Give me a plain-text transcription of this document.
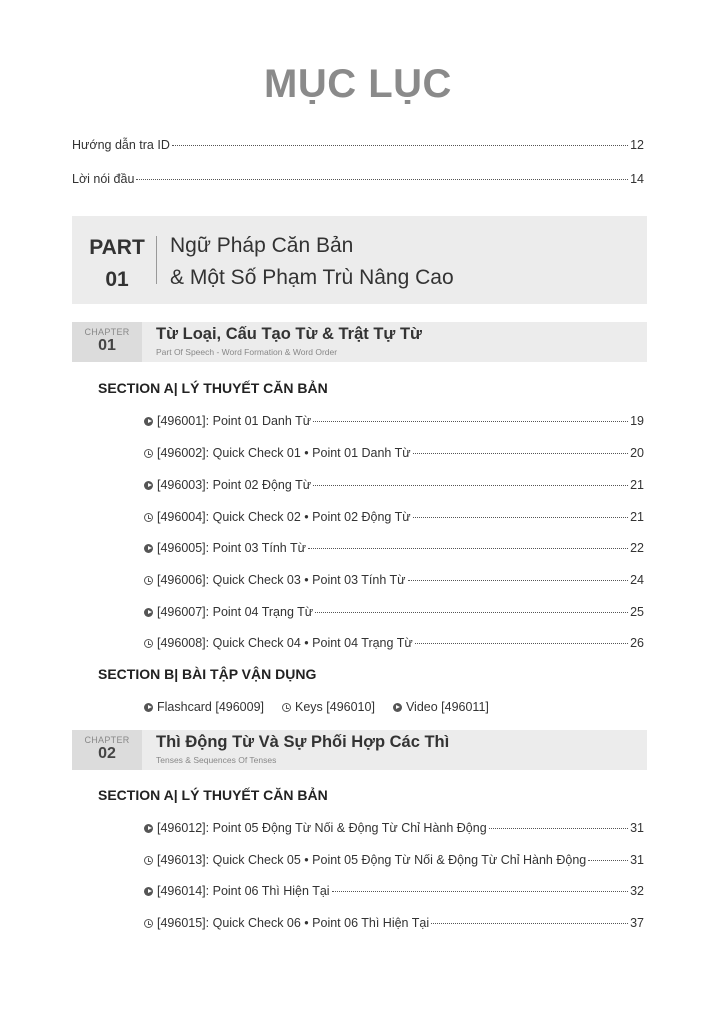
MỤC LỤC
Hướng dẫn tra ID	12
Lời nói đầu	14
PART
01
Ngữ Pháp Căn Bản
& Một Số Phạm Trù Nâng Cao
CHAPTER
01
Từ Loại, Cấu Tạo Từ & Trật Tự Từ
Part Of Speech - Word Formation & Word Order
SECTION A| LÝ THUYẾT CĂN BẢN
[496001]: Point 01 Danh Từ	19
[496002]: Quick Check 01 • Point 01 Danh Từ	20
[496003]: Point 02 Động Từ	21
[496004]: Quick Check 02 • Point 02 Động Từ	21
[496005]: Point 03 Tính Từ	22
[496006]: Quick Check 03 • Point 03 Tính Từ	24
[496007]: Point 04 Trạng Từ	25
[496008]: Quick Check 04 • Point 04 Trạng Từ	26
SECTION B| BÀI TẬP VẬN DỤNG
Flashcard [496009] Keys [496010] Video [496011]
CHAPTER
02
Thì Động Từ Và Sự Phối Hợp Các Thì
Tenses & Sequences Of Tenses
SECTION A| LÝ THUYẾT CĂN BẢN
[496012]: Point 05 Động Từ Nối & Động Từ Chỉ Hành Động	31
[496013]: Quick Check 05 • Point 05 Động Từ Nối & Động Từ Chỉ Hành Động	31
[496014]: Point 06 Thì Hiện Tại	32
[496015]: Quick Check 06 • Point 06 Thì Hiện Tại	37
